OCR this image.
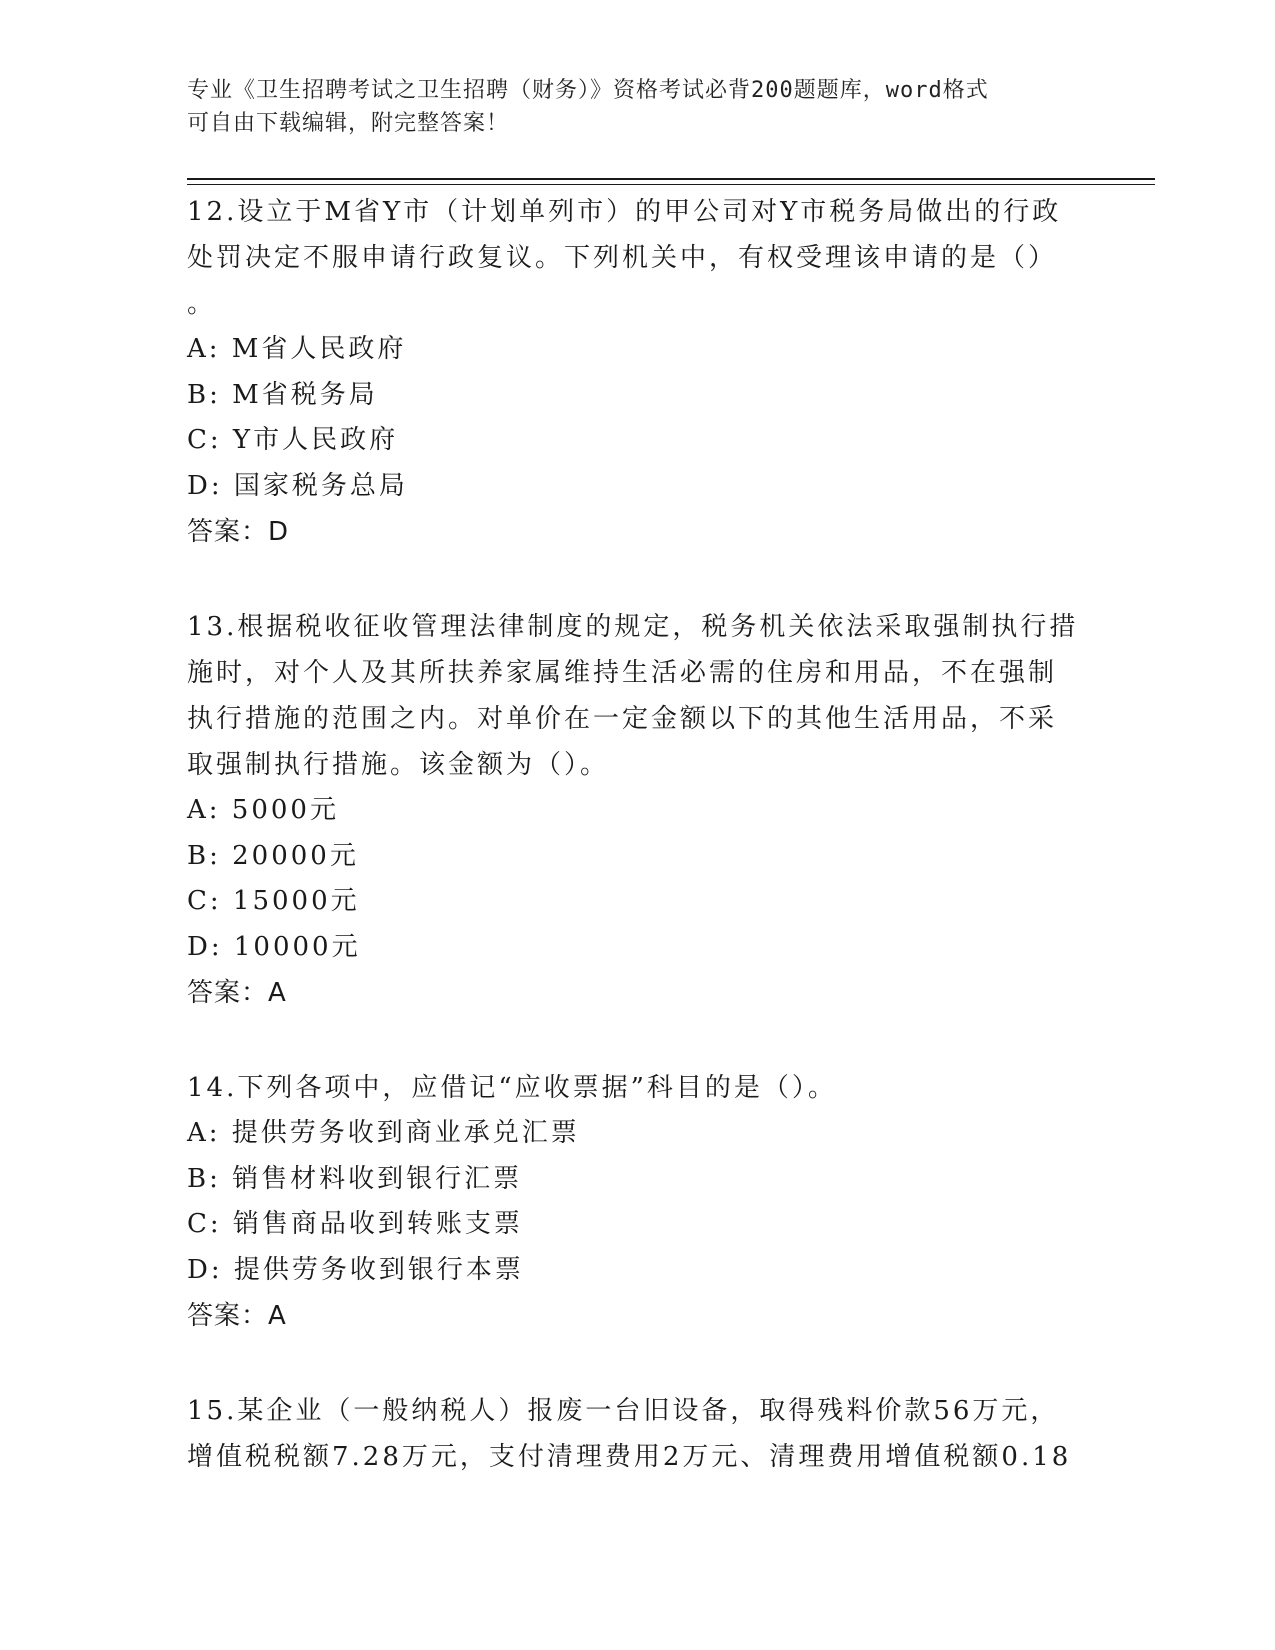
专业《卫生招聘考试之卫生招聘（财务）》资格考试必背200题题库，word格式
可自由下载编辑，附完整答案！
12.设立于M省Y市（计划单列市）的甲公司对Y市税务局做出的行政
处罚决定不服申请行政复议。下列机关中，有权受理该申请的是（）
。
A: M省人民政府
B: M省税务局
C: Y市人民政府
D: 国家税务总局
答案：D
13.根据税收征收管理法律制度的规定，税务机关依法采取强制执行措
施时，对个人及其所扶养家属维持生活必需的住房和用品，不在强制
执行措施的范围之内。对单价在一定金额以下的其他生活用品，不采
取强制执行措施。该金额为（）。
A: 5000元
B: 20000元
C: 15000元
D: 10000元
答案：A
14.下列各项中，应借记“应收票据”科目的是（）。
A: 提供劳务收到商业承兑汇票
B: 销售材料收到银行汇票
C: 销售商品收到转账支票
D: 提供劳务收到银行本票
答案：A
15.某企业（一般纳税人）报废一台旧设备，取得残料价款56万元，
增值税税额7.28万元，支付清理费用2万元、清理费用增值税额0.18
